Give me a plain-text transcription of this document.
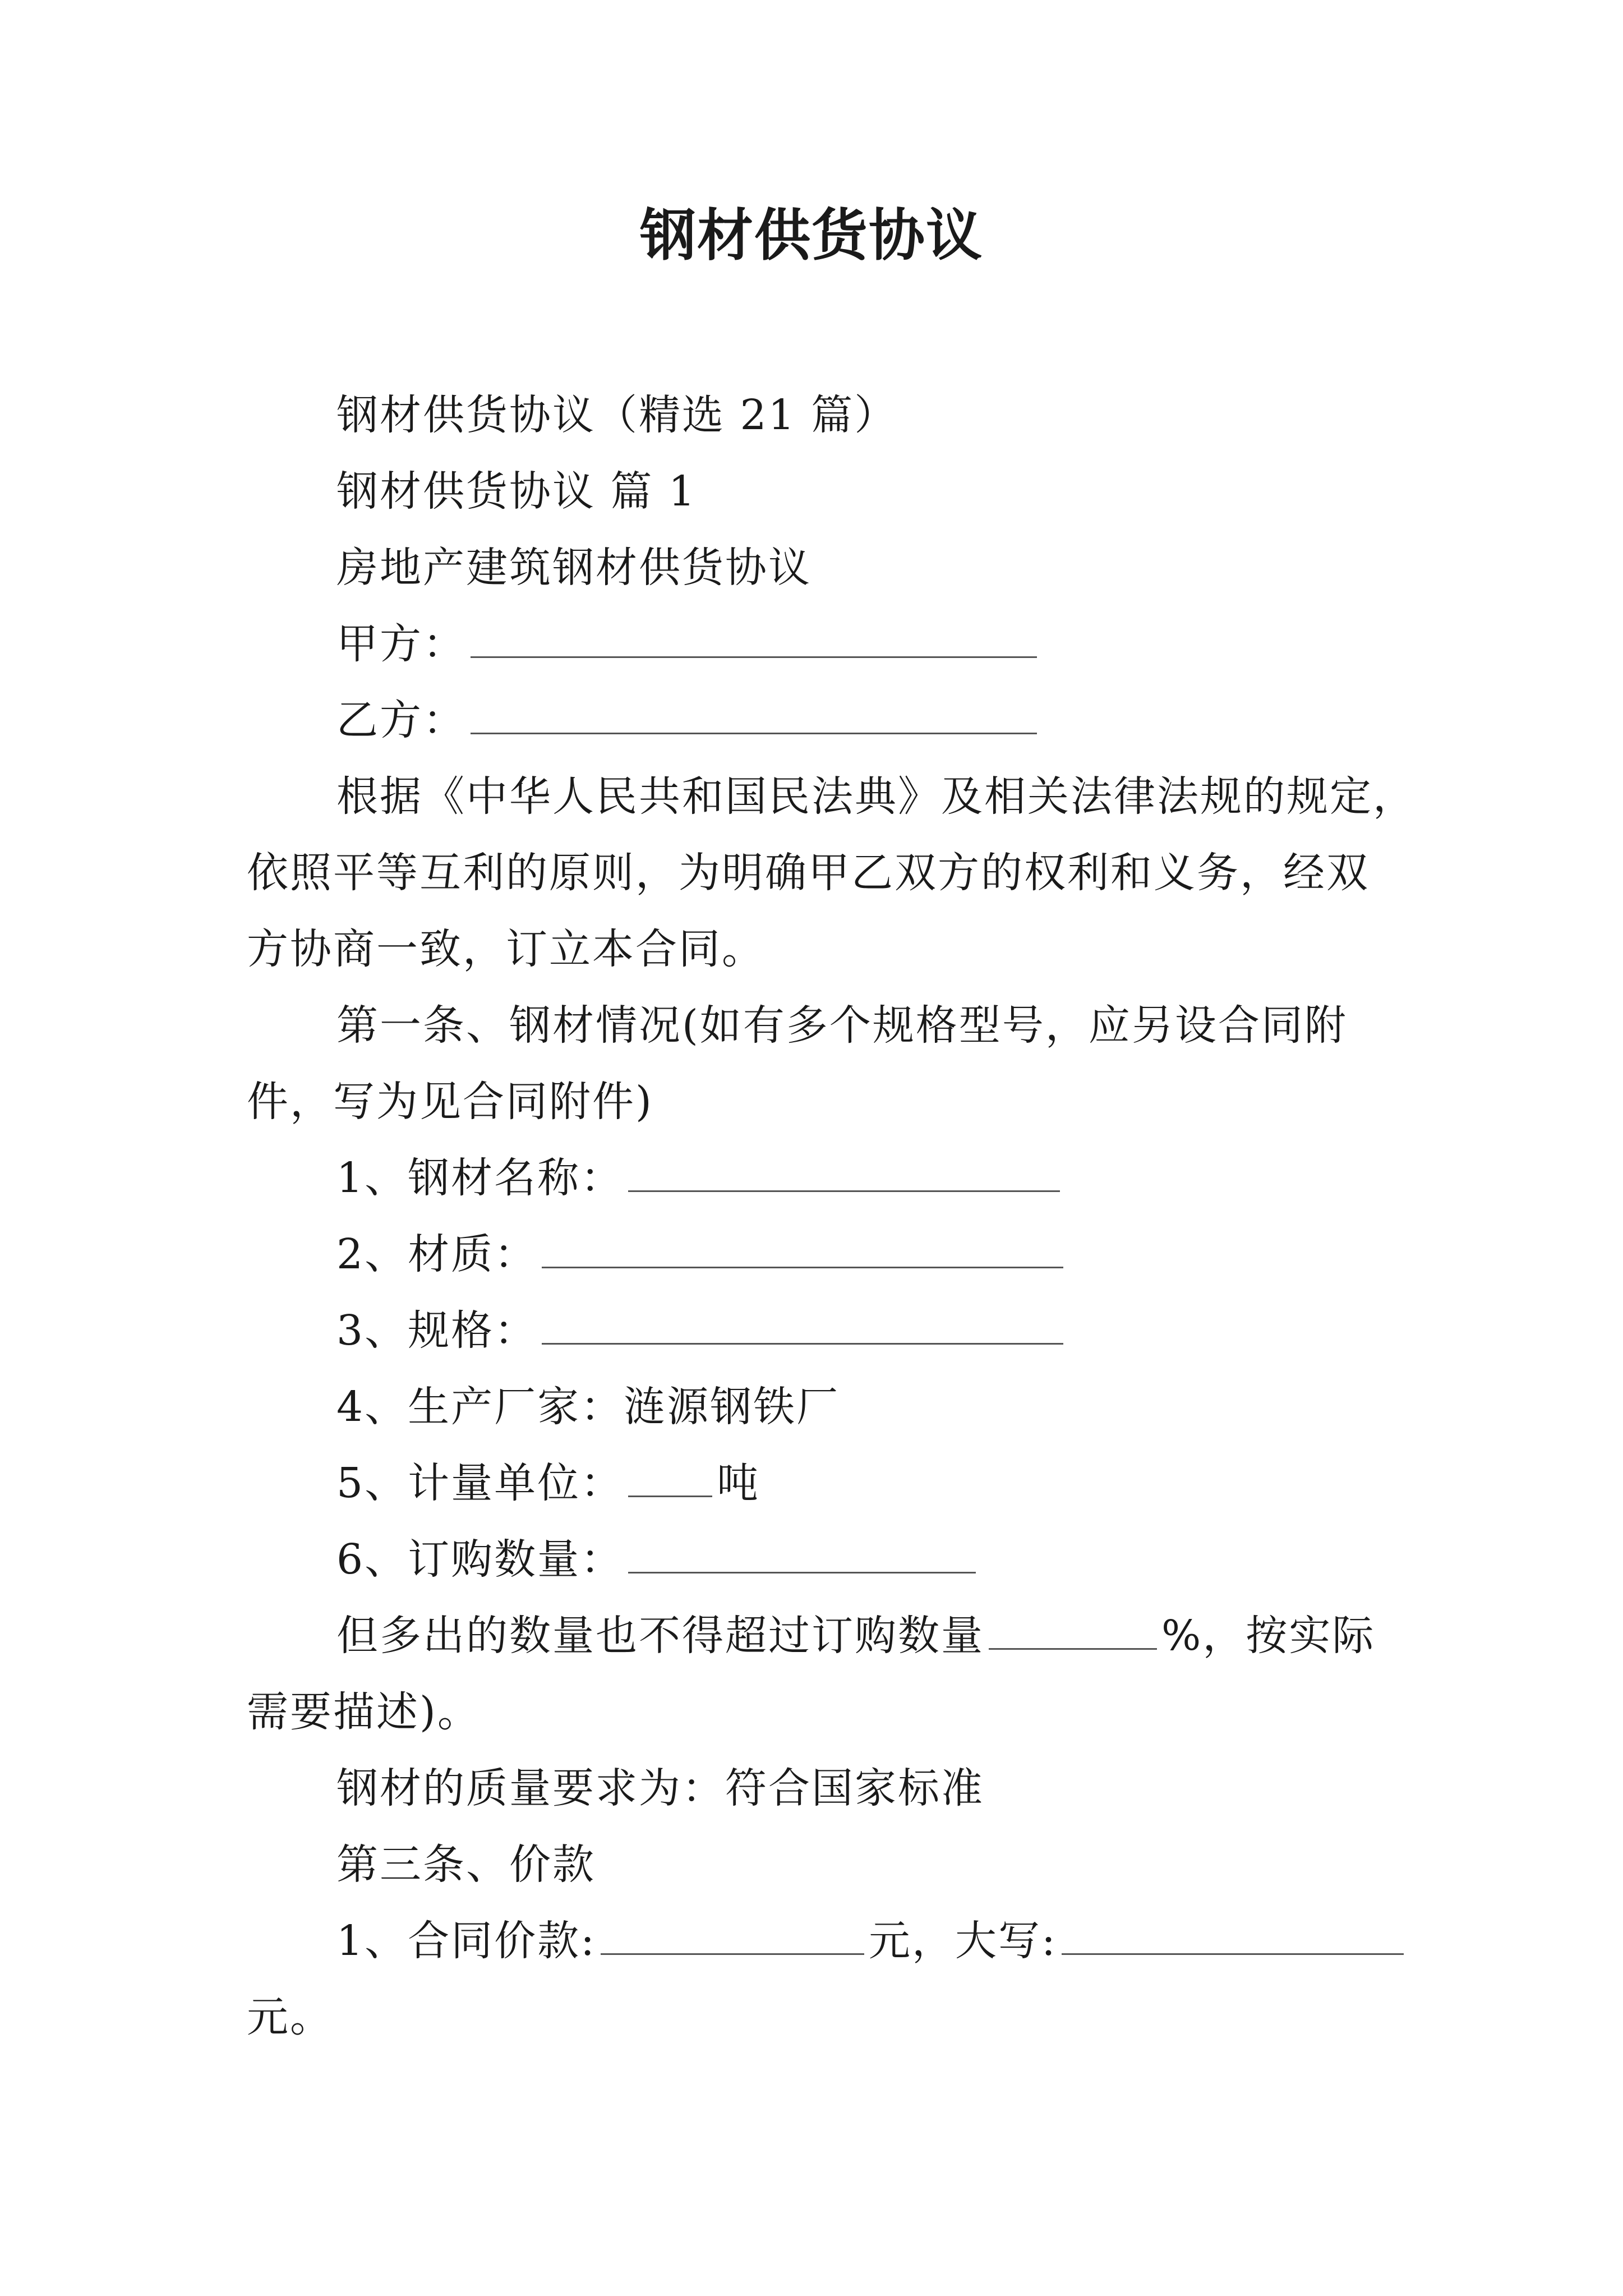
钢材供货协议
钢材供货协议（精选 21 篇）
钢材供货协议 篇 1
房地产建筑钢材供货协议
甲方：
乙方：
根据《中华人民共和国民法典》及相关法律法规的规定，
依照平等互利的原则，为明确甲乙双方的权利和义务，经双
方协商一致，订立本合同。
第一条、钢材情况(如有多个规格型号，应另设合同附
件，写为见合同附件)
1、钢材名称：
2、材质：
3、规格：
4、生产厂家：涟源钢铁厂
5、计量单位： 吨
6、订购数量：
但多出的数量也不得超过订购数量	%，按实际
需要描述)。
钢材的质量要求为：符合国家标准
第三条、价款
1、合同价款:	元，大写:
元。
